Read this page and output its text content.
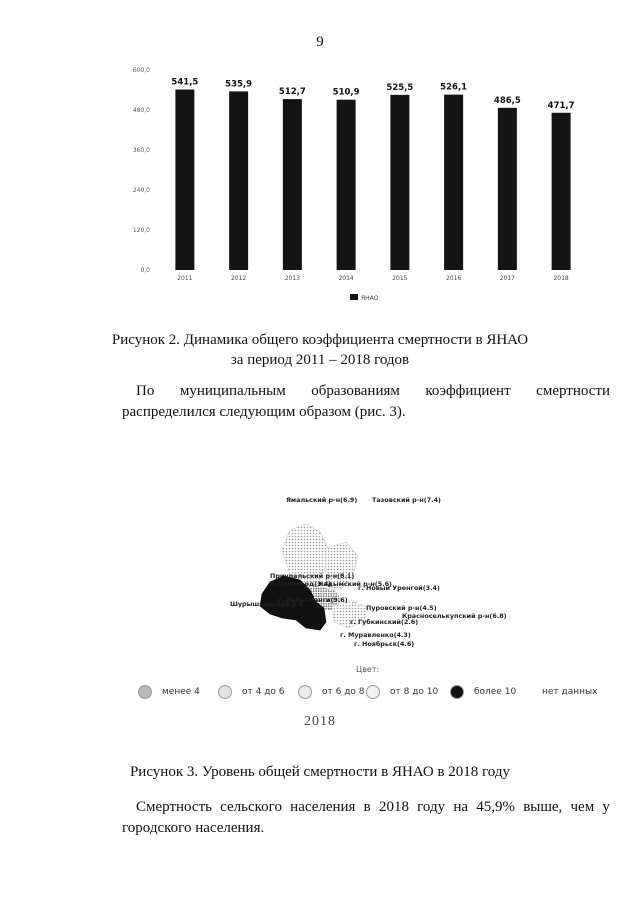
9
0,0
120,0
240,0
360,0
480,0
600,0
541,5
2011
535,9
2012
512,7
2013
510,9
2014
525,5
2015
526,1
2016
486,5
2017
471,7
2018
ЯНАО
Рисунок 2. Динамика общего коэффициента смертности в ЯНАО
за период 2011 – 2018 годов
По муниципальным образованиям коэффициент смертности
распределился следующим образом (рис. 3).
Ямальский р-н(6.9) Тазовский р-н(7.4)
Приуральский р-н(8.1)
г. Салехард(3.4)
г. Лабытнанги(9.6)
Надымский р-н(5.6)
г. Новый Уренгой(3.4)
Шурышкарский р-н	Пуровский р-н(4.5)
Красноселькупский р-н(6.8)
г. Губкинский(2.6)
г. Муравленко(4.3)
г. Ноябрьск(4.6)
Цвет:
менее 4	от 4 до 6	от 6 до 8	от 8 до 10	более 10	нет данных
2018
Рисунок 3. Уровень общей смертности в ЯНАО в 2018 году
Смертность сельского населения в 2018 году на 45,9% выше, чем у
городского населения.
